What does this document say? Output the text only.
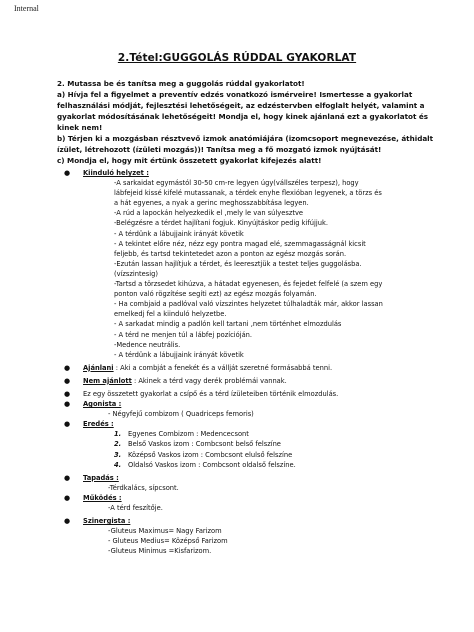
Internal
2.Tétel:GUGGOLÁS RÚDDAL GYAKORLAT
2. Mutassa be és tanítsa meg a guggolás rúddal gyakorlatot!
a) Hívja fel a figyelmet a preventív edzés vonatkozó ismérveire! Ismertesse a gyakorlat
felhasználási módját, fejlesztési lehetőségeit, az edzéstervben elfoglalt helyét, valamint a
gyakorlat módosításának lehetőségeit! Mondja el, hogy kinek ajánlaná ezt a gyakorlatot és
kinek nem!
b) Térjen ki a mozgásban résztvevő izmok anatómiájára (izomcsoport megnevezése, áthidalt
ízület, létrehozott (ízületi mozgás))! Tanítsa meg a fő mozgató izmok nyújtását!
c) Mondja el, hogy mit értünk összetett gyakorlat kifejezés alatt!
● Kiinduló helyzet :
-A sarkaidat egymástól 30-50 cm-re legyen úgy(vállszéles terpesz), hogy
lábfejeid kissé kifelé mutassanak, a térdek enyhe flexióban legyenek, a törzs és
a hát egyenes, a nyak a gerinc meghosszabbítása legyen.
-A rúd a lapockán helyezkedik el ,mely le van súlyesztve
-Belégzésre a térdet hajlítani fogjuk. Kinyújtáskor pedig kifújjuk.
- A térdünk a lábujjaink irányát követik
- A tekintet előre néz, nézz egy pontra magad elé, szemmagasságnál kicsit
feljebb, és tartsd tekintetedet azon a ponton az egész mozgás során.
-Ezután lassan hajlítjuk a térdet, és leeresztjük a testet teljes guggolásba.
(vízszintesig)
-Tartsd a törzsedet kihúzva, a hátadat egyenesen, és fejedet felfelé (a szem egy
ponton való rögzítése segíti ezt) az egész mozgás folyamán.
- Ha combjaid a padlóval való vízszintes helyzetet túlhaladták már, akkor lassan
emelkedj fel a kiinduló helyzetbe.
- A sarkadat mindig a padlón kell tartani ,nem történhet elmozdulás
- A térd ne menjen túl a lábfej pozícióján.
-Medence neutrális.
- A térdünk a lábujjaink irányát követik
● Ajánlani : Aki a combját a fenekét és a vállját szeretné formásabbá tenni.
● Nem ajánlott : Akinek a térd vagy derék problémái vannak.
● Ez egy összetett gyakorlat a csípő és a térd ízületeiben történik elmozdulás.
● Agonista :
- Négyfejű combizom ( Quadriceps femoris)
● Eredés :
1. Egyenes Combizom : Medencecsont
2. Belső Vaskos izom : Combcsont belső felszíne
3. Középső Vaskos izom : Combcsont elulső felszíne
4. Oldalsó Vaskos izom : Combcsont oldalső felszíne.
● Tapadás :
-Térdkalács, sípcsont.
● Működés :
-A térd feszítője.
● Szinergista :
-Gluteus Maximus= Nagy Farizom
- Gluteus Medius= Középső Farizom
-Gluteus Minimus =Kisfarizom.
